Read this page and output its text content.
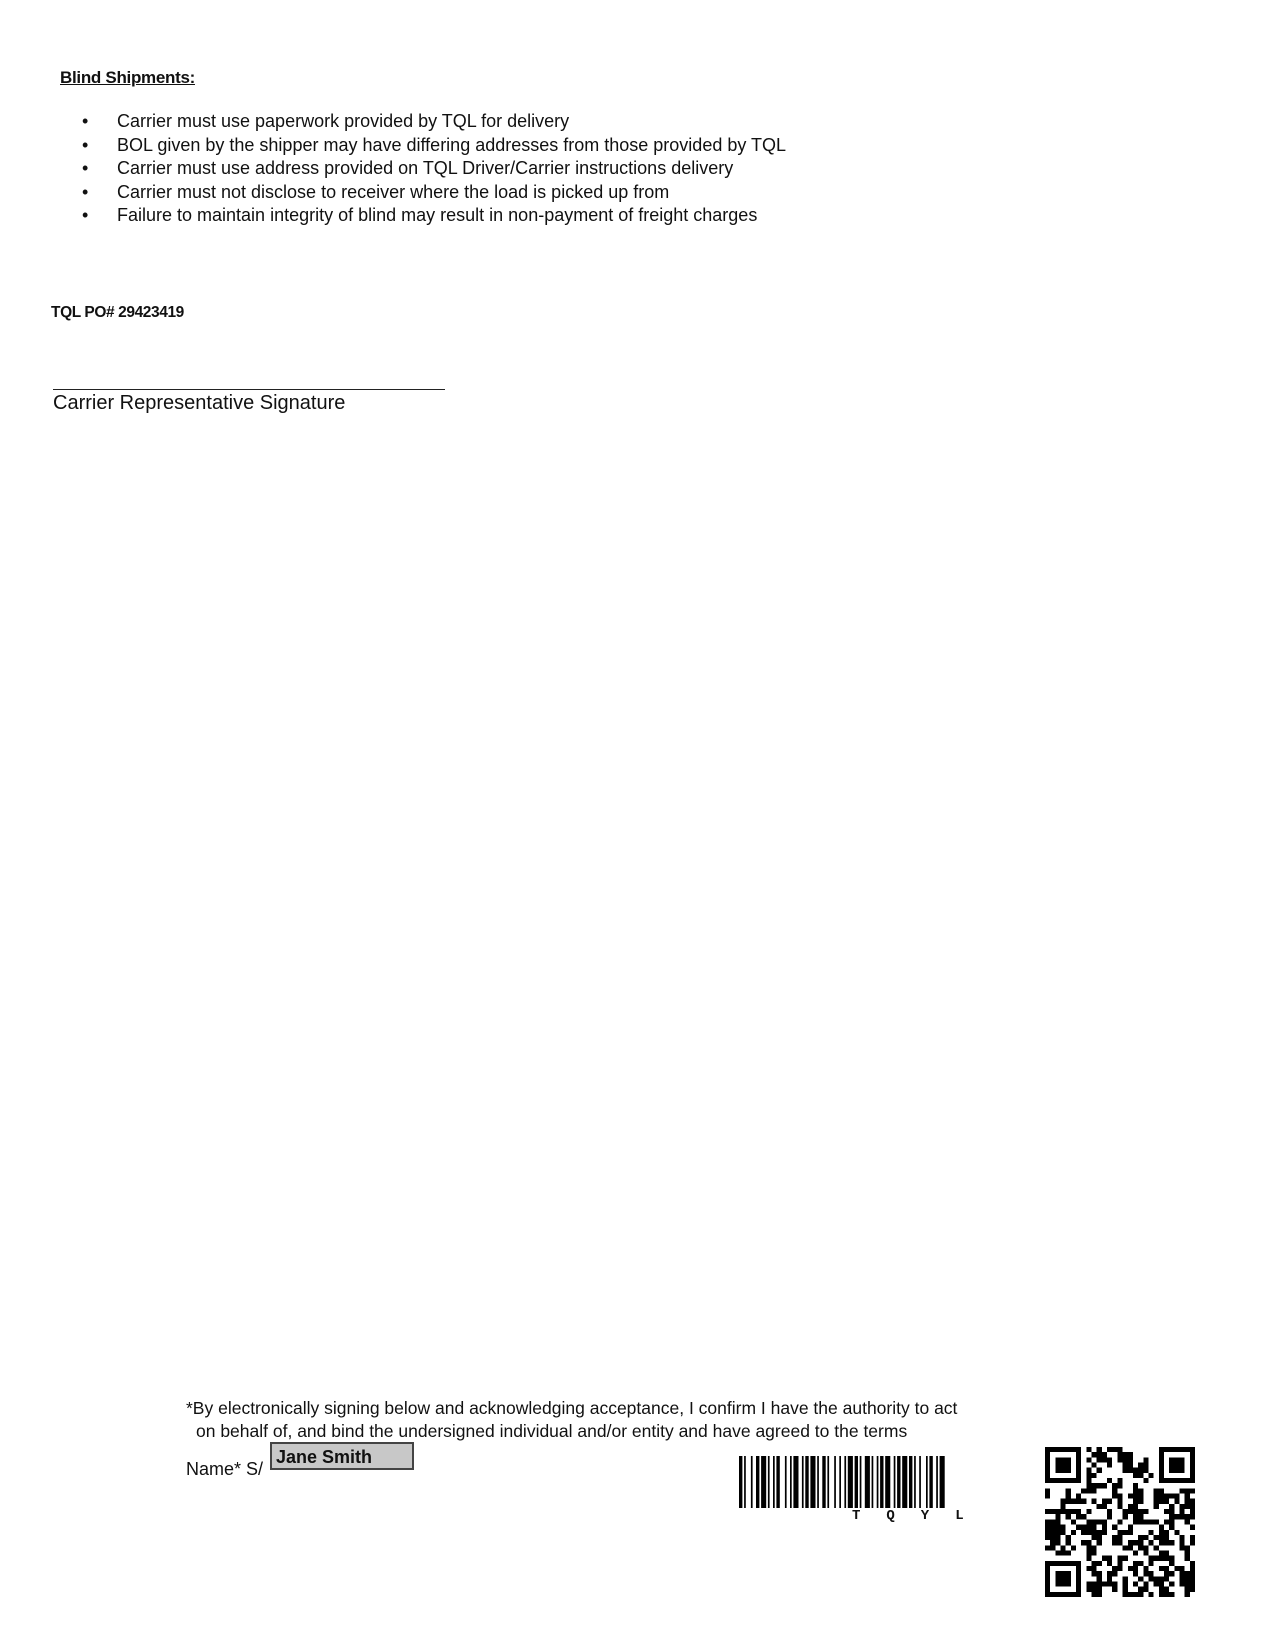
Blind Shipments:
• Carrier must use paperwork provided by TQL for delivery
• BOL given by the shipper may have differing addresses from those provided by TQL
• Carrier must use address provided on TQL Driver/Carrier instructions delivery
• Carrier must not disclose to receiver where the load is picked up from
• Failure to maintain integrity of blind may result in non-payment of freight charges
TQL PO# 29423419
Carrier Representative Signature
*By electronically signing below and acknowledging acceptance, I confirm I have the authority to act
on behalf of, and bind the undersigned individual and/or entity and have agreed to the terms
Name* S/
Jane Smith
TQYL
